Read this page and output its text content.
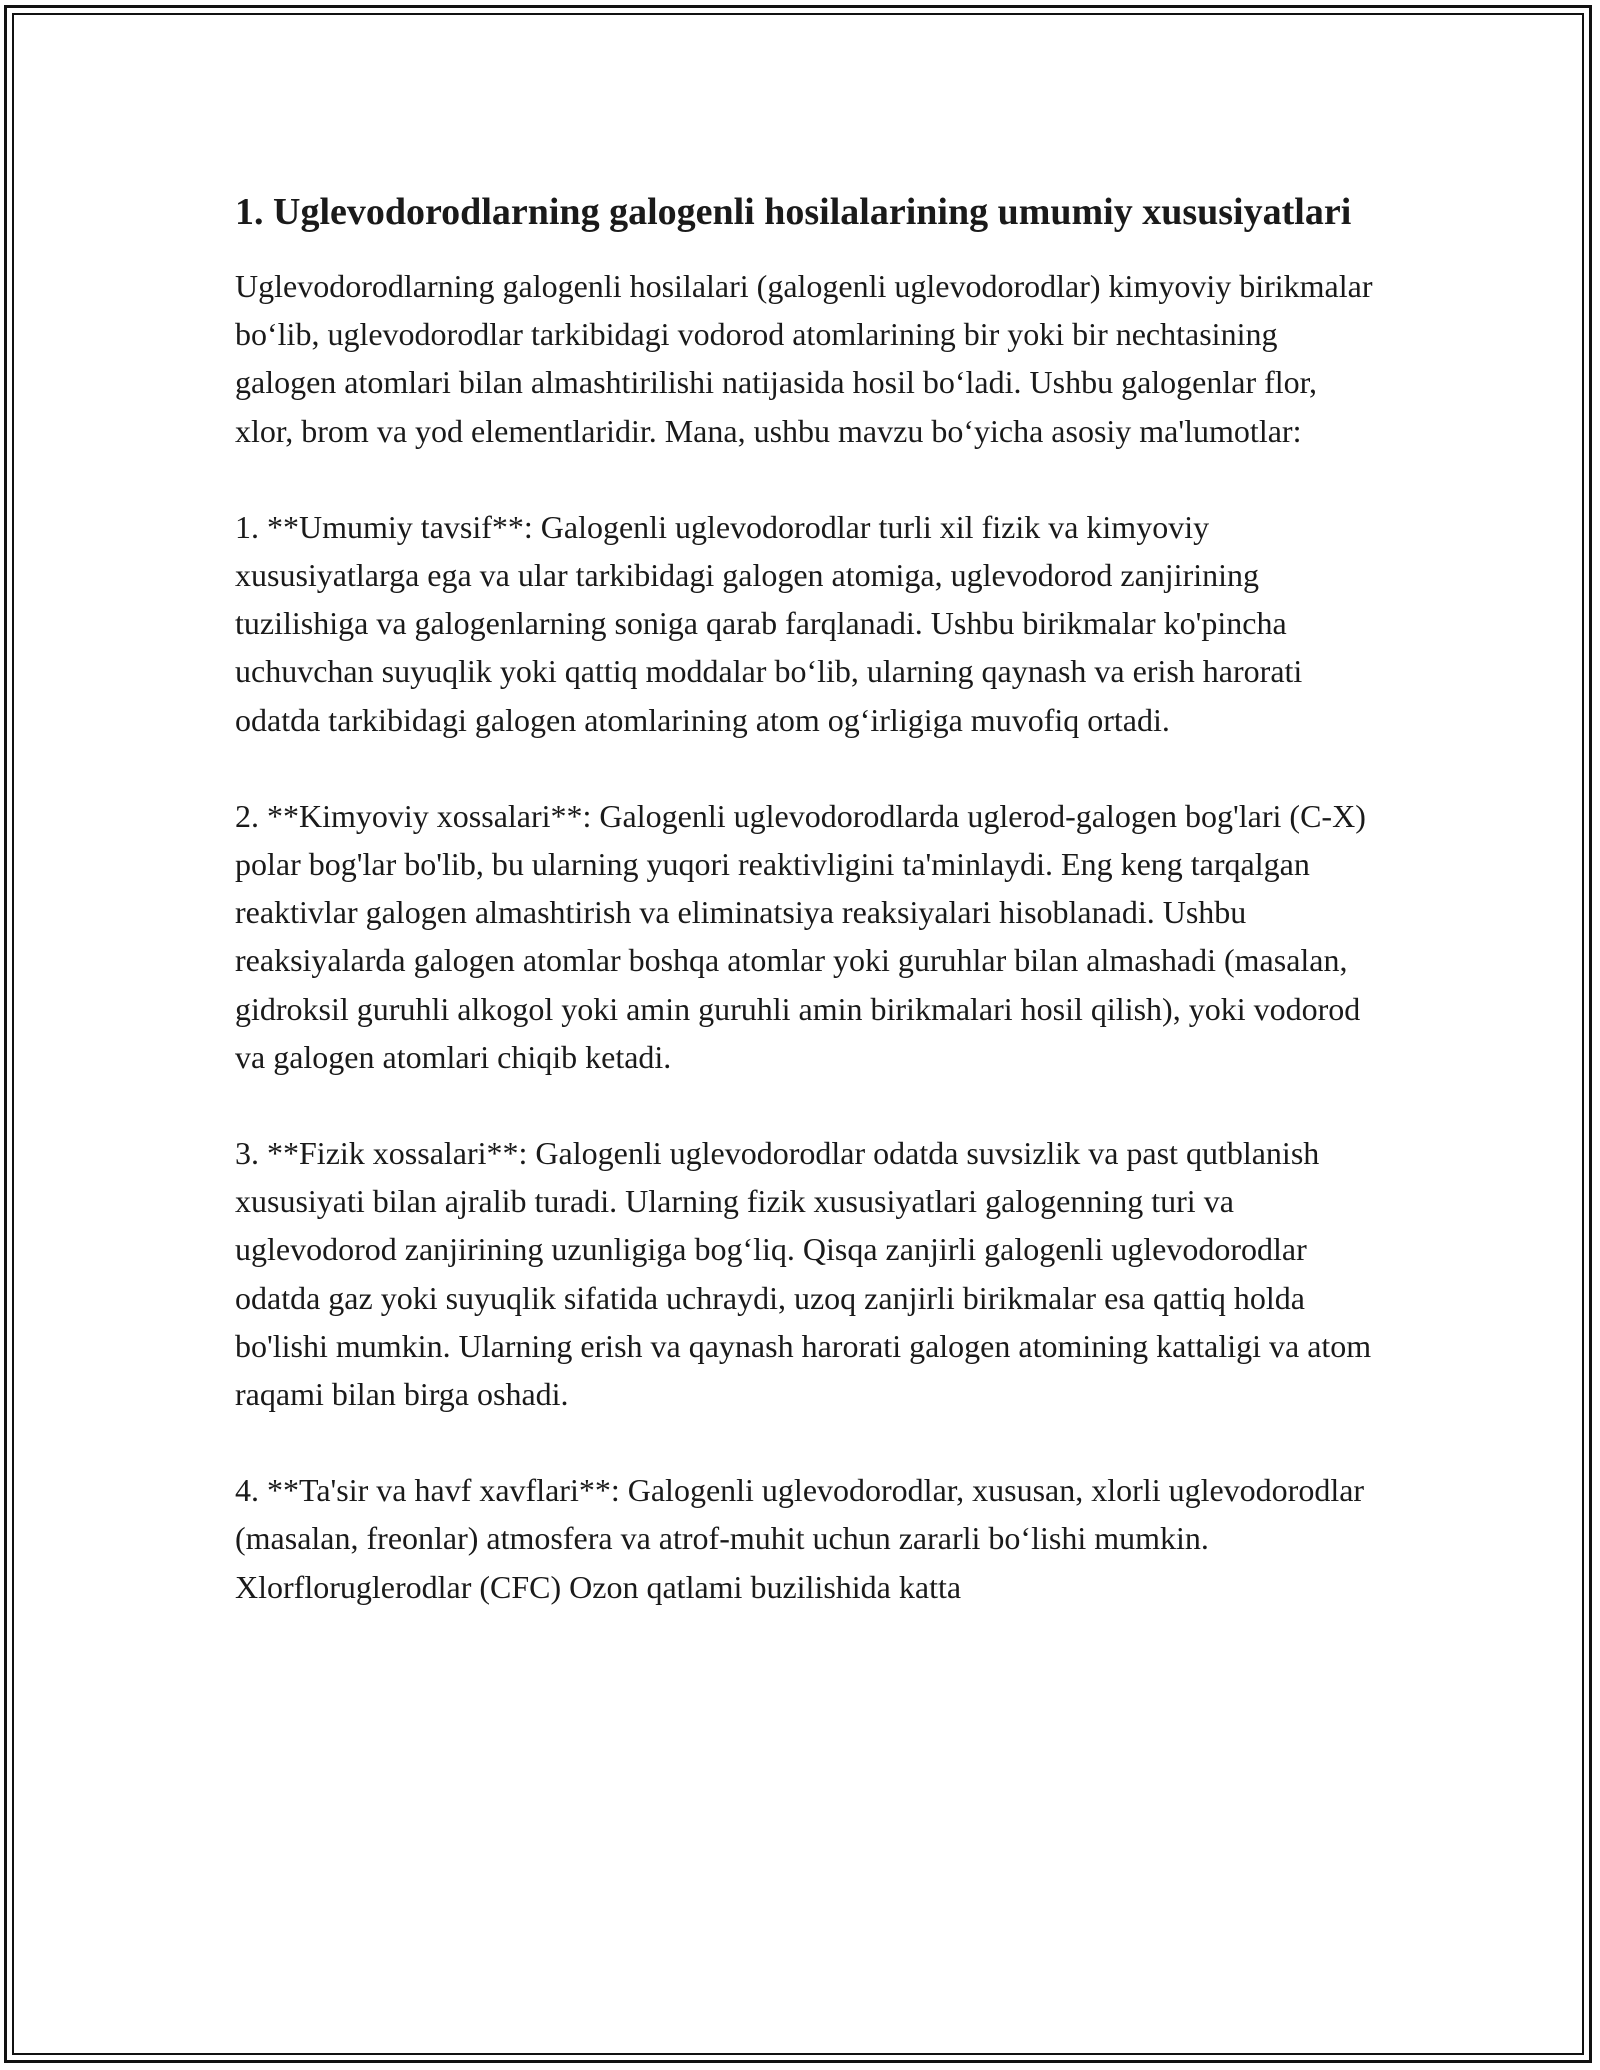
1. Uglevodorodlarning galogenli hosilalarining umumiy xususiyatlari

Uglevodorodlarning galogenli hosilalari (galogenli uglevodorodlar) kimyoviy birikmalar bo‘lib, uglevodorodlar tarkibidagi vodorod atomlarining bir yoki bir nechtasining galogen atomlari bilan almashtirilishi natijasida hosil bo‘ladi. Ushbu galogenlar flor, xlor, brom va yod elementlaridir. Mana, ushbu mavzu bo‘yicha asosiy ma'lumotlar:

1. **Umumiy tavsif**: Galogenli uglevodorodlar turli xil fizik va kimyoviy xususiyatlarga ega va ular tarkibidagi galogen atomiga, uglevodorod zanjirining tuzilishiga va galogenlarning soniga qarab farqlanadi. Ushbu birikmalar ko'pincha uchuvchan suyuqlik yoki qattiq moddalar bo‘lib, ularning qaynash va erish harorati odatda tarkibidagi galogen atomlarining atom og‘irligiga muvofiq ortadi.

2. **Kimyoviy xossalari**: Galogenli uglevodorodlarda uglerod-galogen bog'lari (C-X) polar bog'lar bo'lib, bu ularning yuqori reaktivligini ta'minlaydi. Eng keng tarqalgan reaktivlar galogen almashtirish va eliminatsiya reaksiyalari hisoblanadi. Ushbu reaksiyalarda galogen atomlar boshqa atomlar yoki guruhlar bilan almashadi (masalan, gidroksil guruhli alkogol yoki amin guruhli amin birikmalari hosil qilish), yoki vodorod va galogen atomlari chiqib ketadi.

3. **Fizik xossalari**: Galogenli uglevodorodlar odatda suvsizlik va past qutblanish xususiyati bilan ajralib turadi. Ularning fizik xususiyatlari galogenning turi va uglevodorod zanjirining uzunligiga bog‘liq. Qisqa zanjirli galogenli uglevodorodlar odatda gaz yoki suyuqlik sifatida uchraydi, uzoq zanjirli birikmalar esa qattiq holda bo'lishi mumkin. Ularning erish va qaynash harorati galogen atomining kattaligi va atom raqami bilan birga oshadi.

4. **Ta'sir va havf xavflari**: Galogenli uglevodorodlar, xususan, xlorli uglevodorodlar (masalan, freonlar) atmosfera va atrof-muhit uchun zararli bo‘lishi mumkin. Xlorfloruglerodlar (CFC) Ozon qatlami buzilishida katta
